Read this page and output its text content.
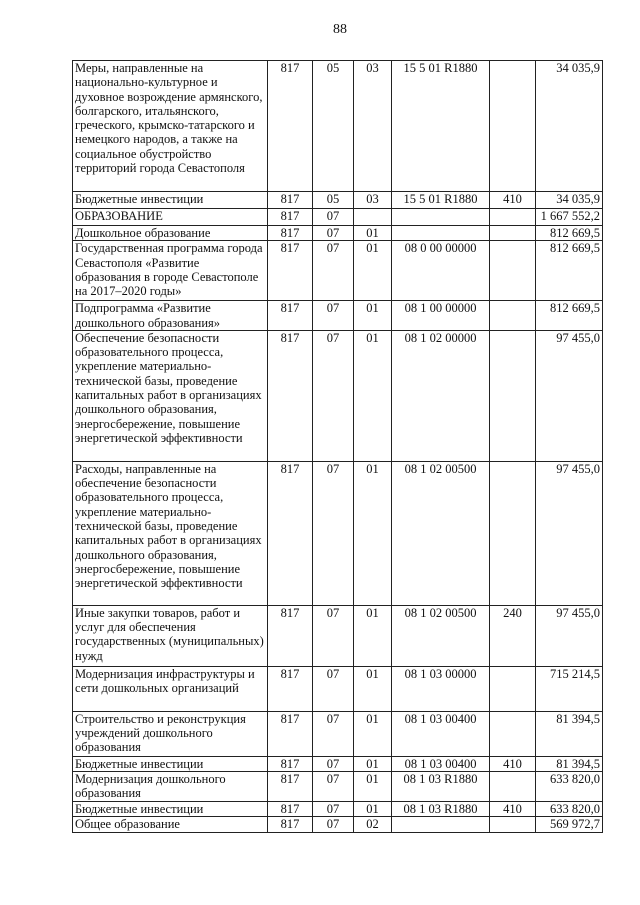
88
Меры, направленные на национально-культурное и духовное возрождение армянского, болгарского, итальянского, греческого, крымско-татарского и немецкого народов, а также на социальное обустройство территорий города Севастополя	817	05	03	15 5 01 R1880		34 035,9
Бюджетные инвестиции	817	05	03	15 5 01 R1880	410	34 035,9
ОБРАЗОВАНИЕ	817	07				1 667 552,2
Дошкольное образование	817	07	01			812 669,5
Государственная программа города Севастополя «Развитие образования в городе Севастополе на 2017–2020 годы»	817	07	01	08 0 00 00000		812 669,5
Подпрограмма «Развитие дошкольного образования»	817	07	01	08 1 00 00000		812 669,5
Обеспечение безопасности образовательного процесса, укрепление материально-технической базы, проведение капитальных работ в организациях дошкольного образования, энергосбережение, повышение энергетической эффективности	817	07	01	08 1 02 00000		97 455,0
Расходы, направленные на обеспечение безопасности образовательного процесса, укрепление материально-технической базы, проведение капитальных работ в организациях дошкольного образования, энергосбережение, повышение энергетической эффективности	817	07	01	08 1 02 00500		97 455,0
Иные закупки товаров, работ и услуг для обеспечения государственных (муниципальных) нужд	817	07	01	08 1 02 00500	240	97 455,0
Модернизация инфраструктуры и сети дошкольных организаций	817	07	01	08 1 03 00000		715 214,5
Строительство и реконструкция учреждений дошкольного образования	817	07	01	08 1 03 00400		81 394,5
Бюджетные инвестиции	817	07	01	08 1 03 00400	410	81 394,5
Модернизация дошкольного образования	817	07	01	08 1 03 R1880		633 820,0
Бюджетные инвестиции	817	07	01	08 1 03 R1880	410	633 820,0
Общее образование	817	07	02			569 972,7
